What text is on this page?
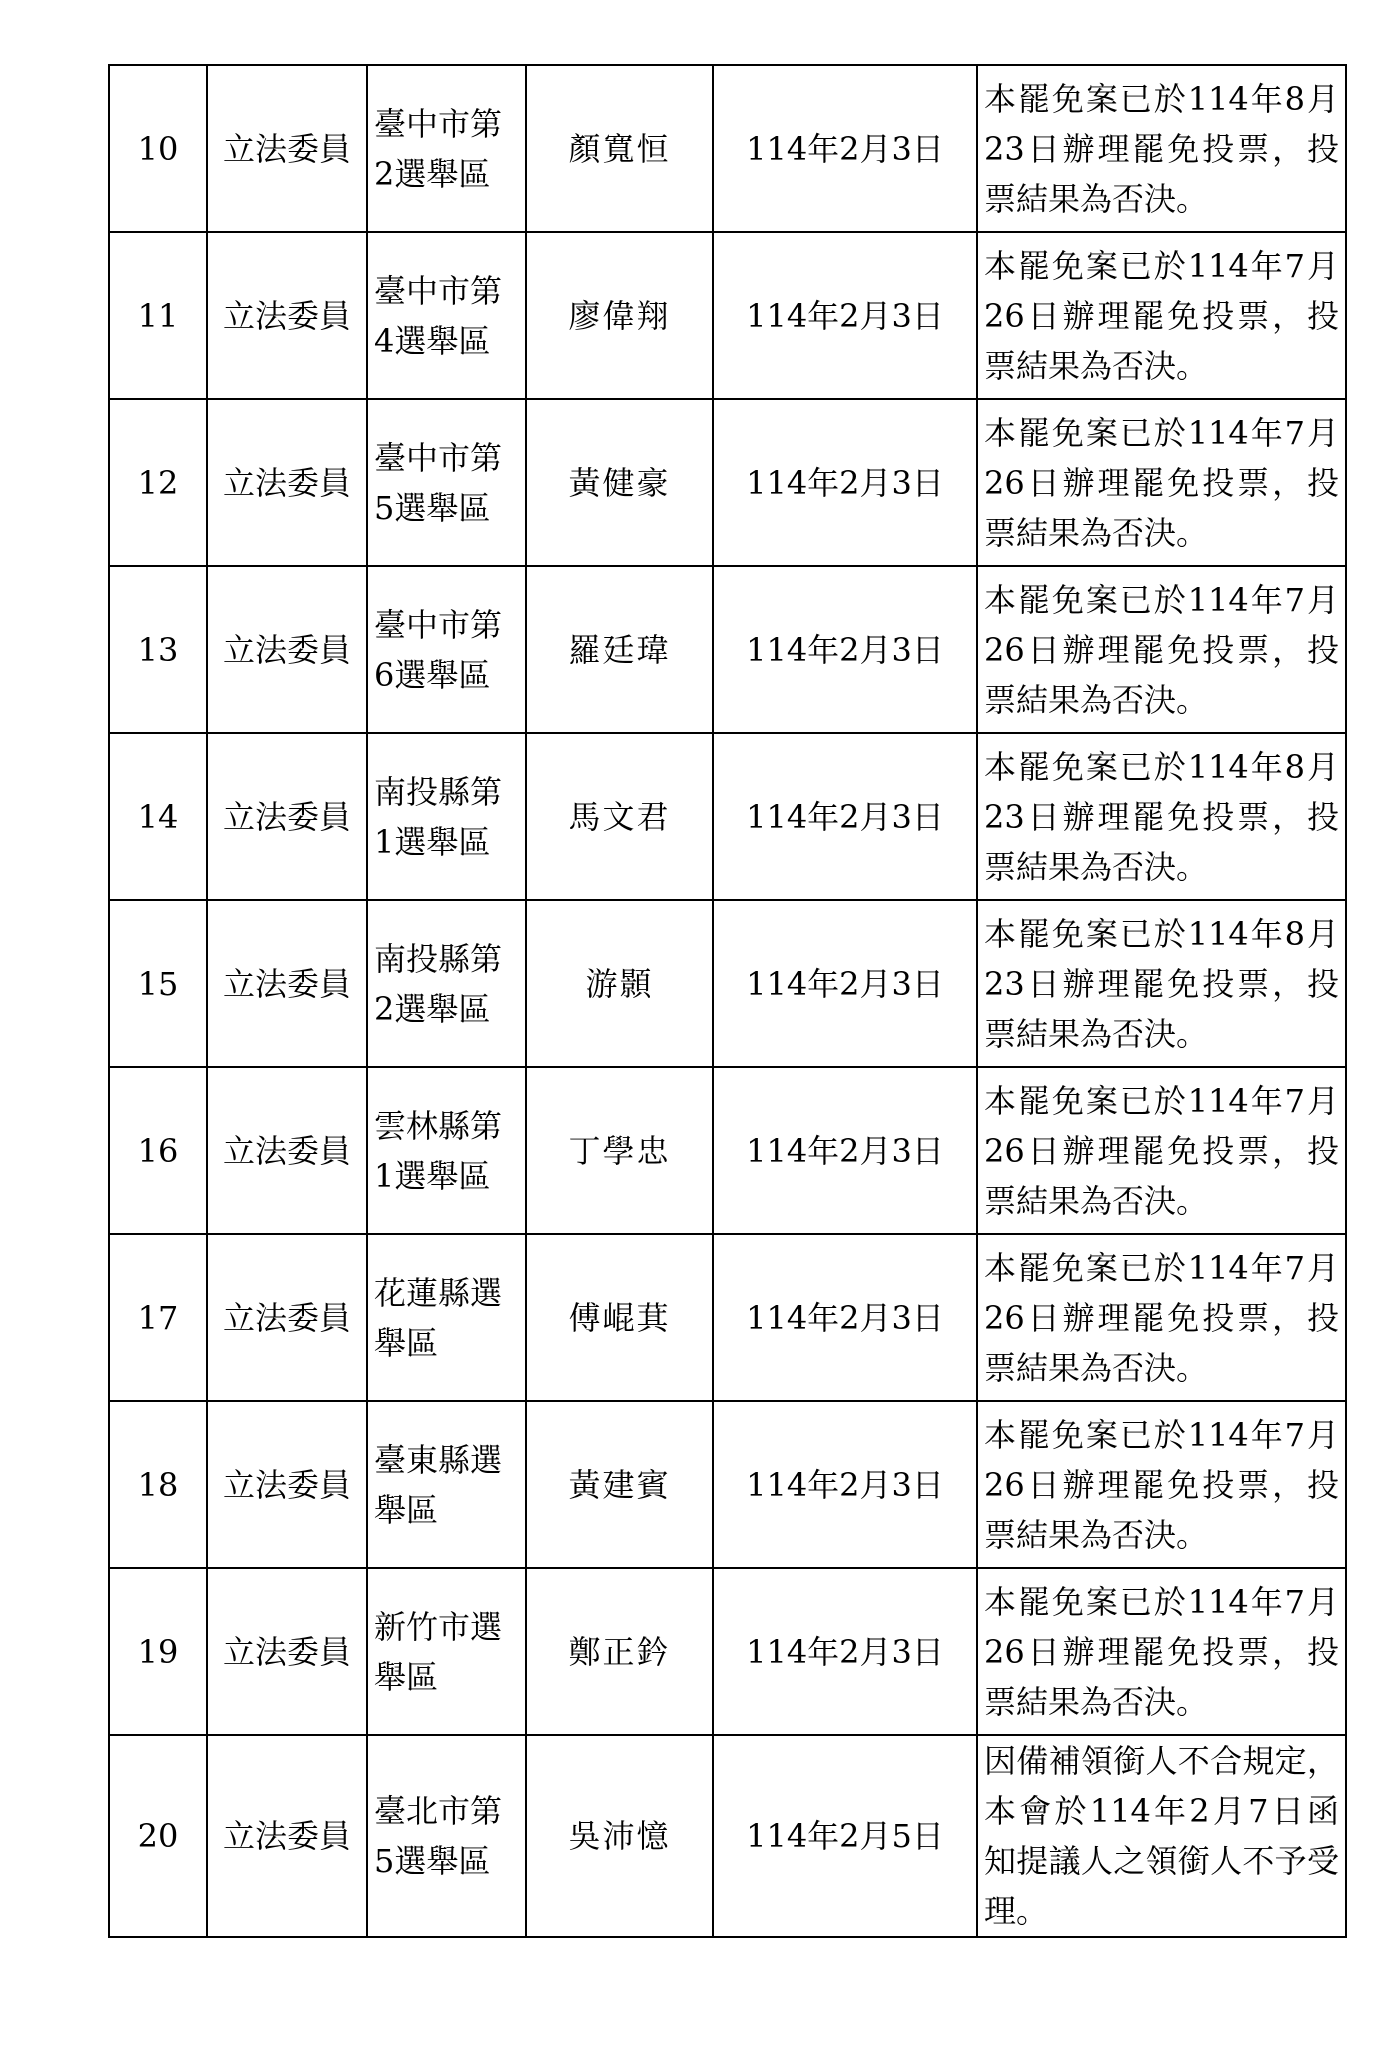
10	立法委員	臺中市第2選舉區	顏寬恒	114年2月3日	本罷免案已於114年8月23日辦理罷免投票，投票結果為否決。
11	立法委員	臺中市第4選舉區	廖偉翔	114年2月3日	本罷免案已於114年7月26日辦理罷免投票，投票結果為否決。
12	立法委員	臺中市第5選舉區	黃健豪	114年2月3日	本罷免案已於114年7月26日辦理罷免投票，投票結果為否決。
13	立法委員	臺中市第6選舉區	羅廷瑋	114年2月3日	本罷免案已於114年7月26日辦理罷免投票，投票結果為否決。
14	立法委員	南投縣第1選舉區	馬文君	114年2月3日	本罷免案已於114年8月23日辦理罷免投票，投票結果為否決。
15	立法委員	南投縣第2選舉區	游顥	114年2月3日	本罷免案已於114年8月23日辦理罷免投票，投票結果為否決。
16	立法委員	雲林縣第1選舉區	丁學忠	114年2月3日	本罷免案已於114年7月26日辦理罷免投票，投票結果為否決。
17	立法委員	花蓮縣選舉區	傅崐萁	114年2月3日	本罷免案已於114年7月26日辦理罷免投票，投票結果為否決。
18	立法委員	臺東縣選舉區	黃建賓	114年2月3日	本罷免案已於114年7月26日辦理罷免投票，投票結果為否決。
19	立法委員	新竹市選舉區	鄭正鈐	114年2月3日	本罷免案已於114年7月26日辦理罷免投票，投票結果為否決。
20	立法委員	臺北市第5選舉區	吳沛憶	114年2月5日	因備補領銜人不合規定，本會於114年2月7日函知提議人之領銜人不予受理。
